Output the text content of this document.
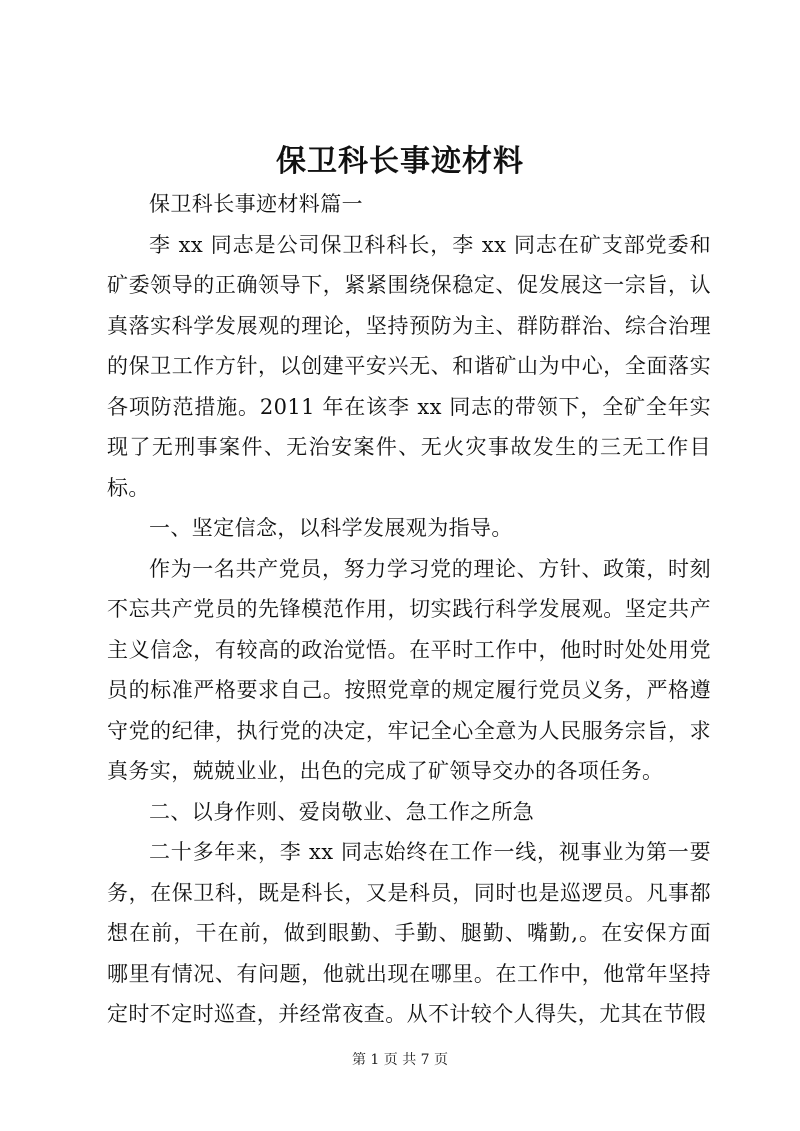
保卫科长事迹材料

保卫科长事迹材料篇一

李 xx 同志是公司保卫科科长，李 xx 同志在矿支部党委和矿委领导的正确领导下，紧紧围绕保稳定、促发展这一宗旨，认真落实科学发展观的理论，坚持预防为主、群防群治、综合治理的保卫工作方针，以创建平安兴无、和谐矿山为中心，全面落实各项防范措施。2011 年在该李 xx 同志的带领下，全矿全年实现了无刑事案件、无治安案件、无火灾事故发生的三无工作目标。

一、坚定信念，以科学发展观为指导。

作为一名共产党员，努力学习党的理论、方针、政策，时刻不忘共产党员的先锋模范作用，切实践行科学发展观。坚定共产主义信念，有较高的政治觉悟。在平时工作中，他时时处处用党员的标准严格要求自己。按照党章的规定履行党员义务，严格遵守党的纪律，执行党的决定，牢记全心全意为人民服务宗旨，求真务实，兢兢业业，出色的完成了矿领导交办的各项任务。

二、以身作则、爱岗敬业、急工作之所急

二十多年来，李 xx 同志始终在工作一线，视事业为第一要务，在保卫科，既是科长，又是科员，同时也是巡逻员。凡事都想在前，干在前，做到眼勤、手勤、腿勤、嘴勤,。在安保方面哪里有情况、有问题，他就出现在哪里。在工作中，他常年坚持定时不定时巡查，并经常夜查。从不计较个人得失，尤其在节假

第 1 页 共 7 页
